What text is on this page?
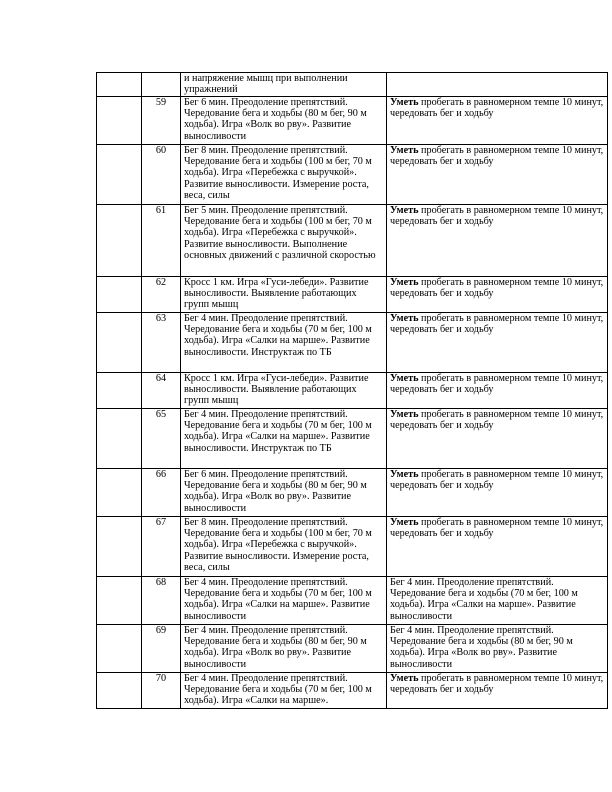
		и напряжение мышц при выполнении упражнений	
	59	Бег 6 мин. Преодоление препятствий. Чередование бега и ходьбы (80 м бег, 90 м ходьба). Игра «Волк во рву». Развитие выносливости	Уметь пробегать в равномерном темпе 10 минут, чередовать бег и ходьбу
	60	Бег 8 мин. Преодоление препятствий. Чередование бега и ходьбы (100 м бег, 70 м ходьба). Игра «Перебежка с выручкой». Развитие выносливости. Измерение роста, веса, силы	Уметь пробегать в равномерном темпе 10 минут, чередовать бег и ходьбу
	61	Бег 5 мин. Преодоление препятствий. Чередование бега и ходьбы (100 м бег, 70 м ходьба). Игра «Перебежка с выручкой». Развитие выносливости. Выполнение основных движений с различной скоростью	Уметь пробегать в равномерном темпе 10 минут, чередовать бег и ходьбу
	62	Кросс 1 км. Игра «Гуси-лебеди». Развитие выносливости. Выявление работающих групп мышц	Уметь пробегать в равномерном темпе 10 минут, чередовать бег и ходьбу
	63	Бег 4 мин. Преодоление препятствий. Чередование бега и ходьбы (70 м бег, 100 м ходьба). Игра «Салки на марше». Развитие выносливости. Инструктаж по ТБ	Уметь пробегать в равномерном темпе 10 минут, чередовать бег и ходьбу
	64	Кросс 1 км. Игра «Гуси-лебеди». Развитие выносливости. Выявление работающих групп мышц	Уметь пробегать в равномерном темпе 10 минут, чередовать бег и ходьбу
	65	Бег 4 мин. Преодоление препятствий. Чередование бега и ходьбы (70 м бег, 100 м ходьба). Игра «Салки на марше». Развитие выносливости. Инструктаж по ТБ	Уметь пробегать в равномерном темпе 10 минут, чередовать бег и ходьбу
	66	Бег 6 мин. Преодоление препятствий. Чередование бега и ходьбы (80 м бег, 90 м ходьба). Игра «Волк во рву». Развитие выносливости	Уметь пробегать в равномерном темпе 10 минут, чередовать бег и ходьбу
	67	Бег 8 мин. Преодоление препятствий. Чередование бега и ходьбы (100 м бег, 70 м ходьба). Игра «Перебежка с выручкой». Развитие выносливости. Измерение роста, веса, силы	Уметь пробегать в равномерном темпе 10 минут, чередовать бег и ходьбу
	68	Бег 4 мин. Преодоление препятствий. Чередование бега и ходьбы (70 м бег, 100 м ходьба). Игра «Салки на марше». Развитие выносливости	Бег 4 мин. Преодоление препятствий. Чередование бега и ходьбы (70 м бег, 100 м ходьба). Игра «Салки на марше». Развитие выносливости
	69	Бег 4 мин. Преодоление препятствий. Чередование бега и ходьбы (80 м бег, 90 м ходьба). Игра «Волк во рву». Развитие выносливости	Бег 4 мин. Преодоление препятствий. Чередование бега и ходьбы (80 м бег, 90 м ходьба). Игра «Волк во рву». Развитие выносливости
	70	Бег 4 мин. Преодоление препятствий. Чередование бега и ходьбы (70 м бег, 100 м ходьба). Игра «Салки на марше».	Уметь пробегать в равномерном темпе 10 минут, чередовать бег и ходьбу
